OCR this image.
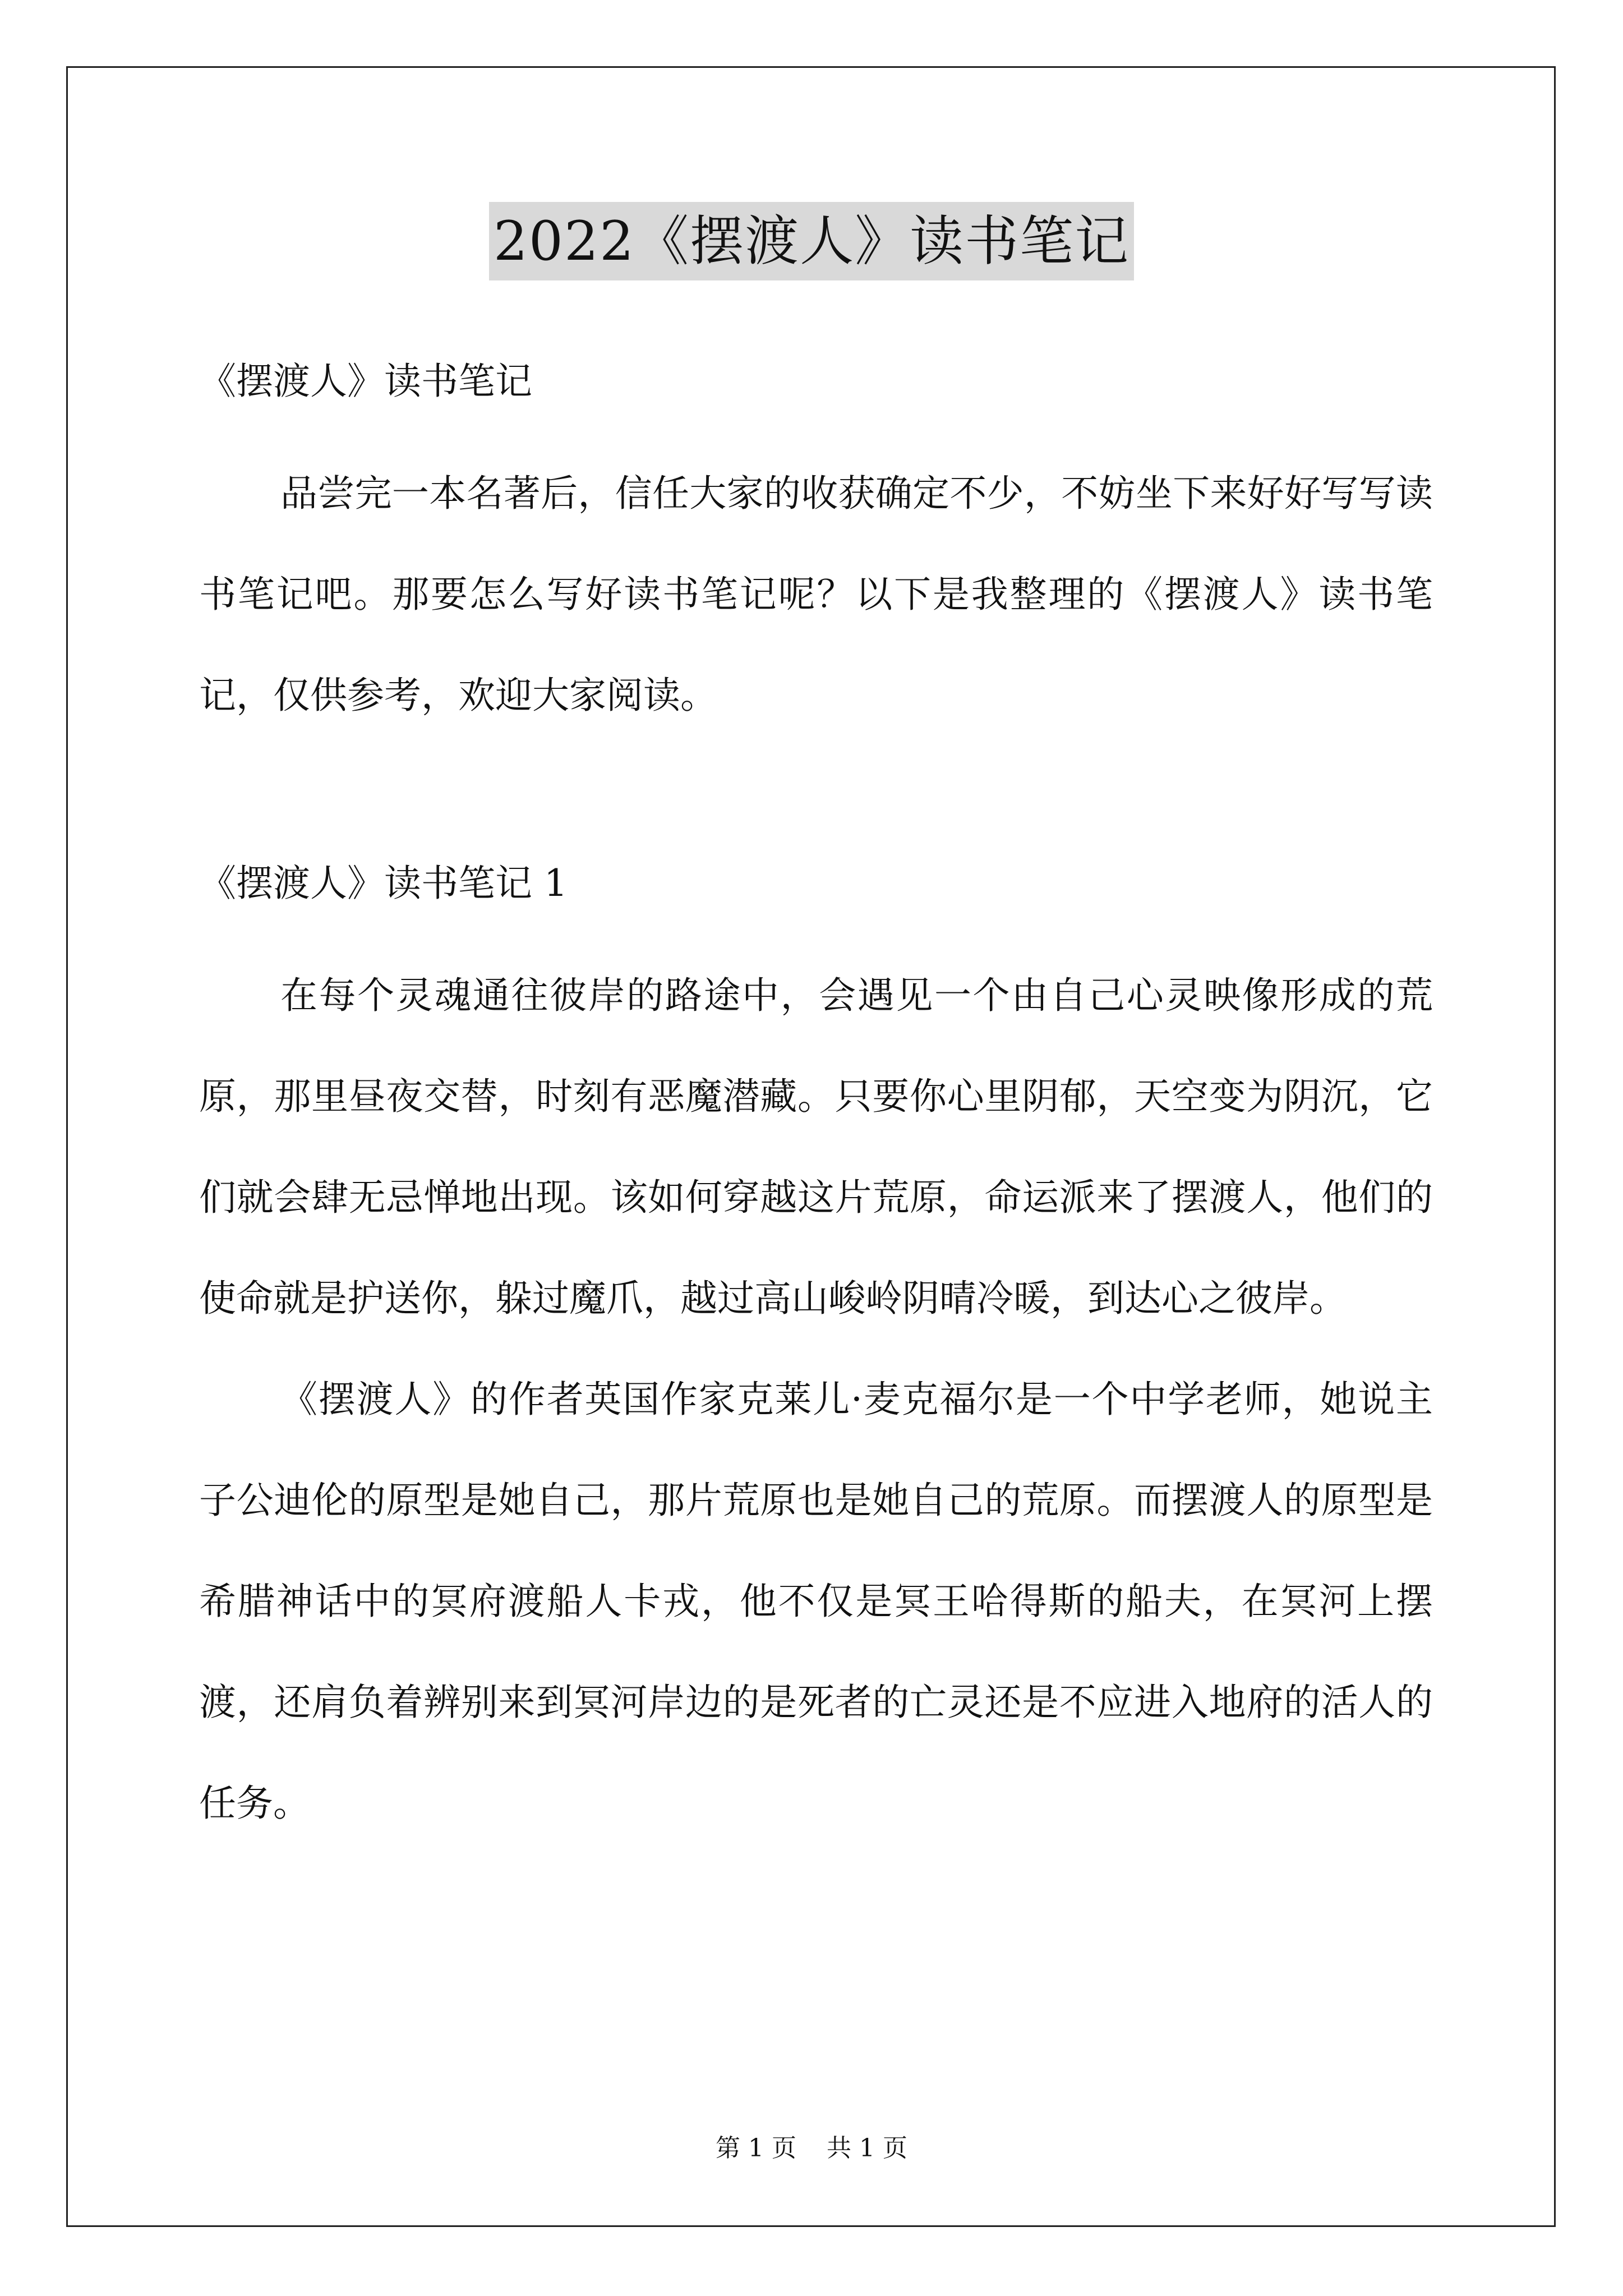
2022《摆渡人》读书笔记

《摆渡人》读书笔记

品尝完一本名著后，信任大家的收获确定不少，不妨坐下来好好写写读书笔记吧。那要怎么写好读书笔记呢？以下是我整理的《摆渡人》读书笔记，仅供参考，欢迎大家阅读。

《摆渡人》读书笔记 1

在每个灵魂通往彼岸的路途中，会遇见一个由自己心灵映像形成的荒原，那里昼夜交替，时刻有恶魔潜藏。只要你心里阴郁，天空变为阴沉，它们就会肆无忌惮地出现。该如何穿越这片荒原，命运派来了摆渡人，他们的使命就是护送你，躲过魔爪，越过高山峻岭阴晴冷暖，到达心之彼岸。

《摆渡人》的作者英国作家克莱儿·麦克福尔是一个中学老师，她说主子公迪伦的原型是她自己，那片荒原也是她自己的荒原。而摆渡人的原型是希腊神话中的冥府渡船人卡戎，他不仅是冥王哈得斯的船夫，在冥河上摆渡，还肩负着辨别来到冥河岸边的是死者的亡灵还是不应进入地府的活人的任务。

第 1 页 共 1 页
